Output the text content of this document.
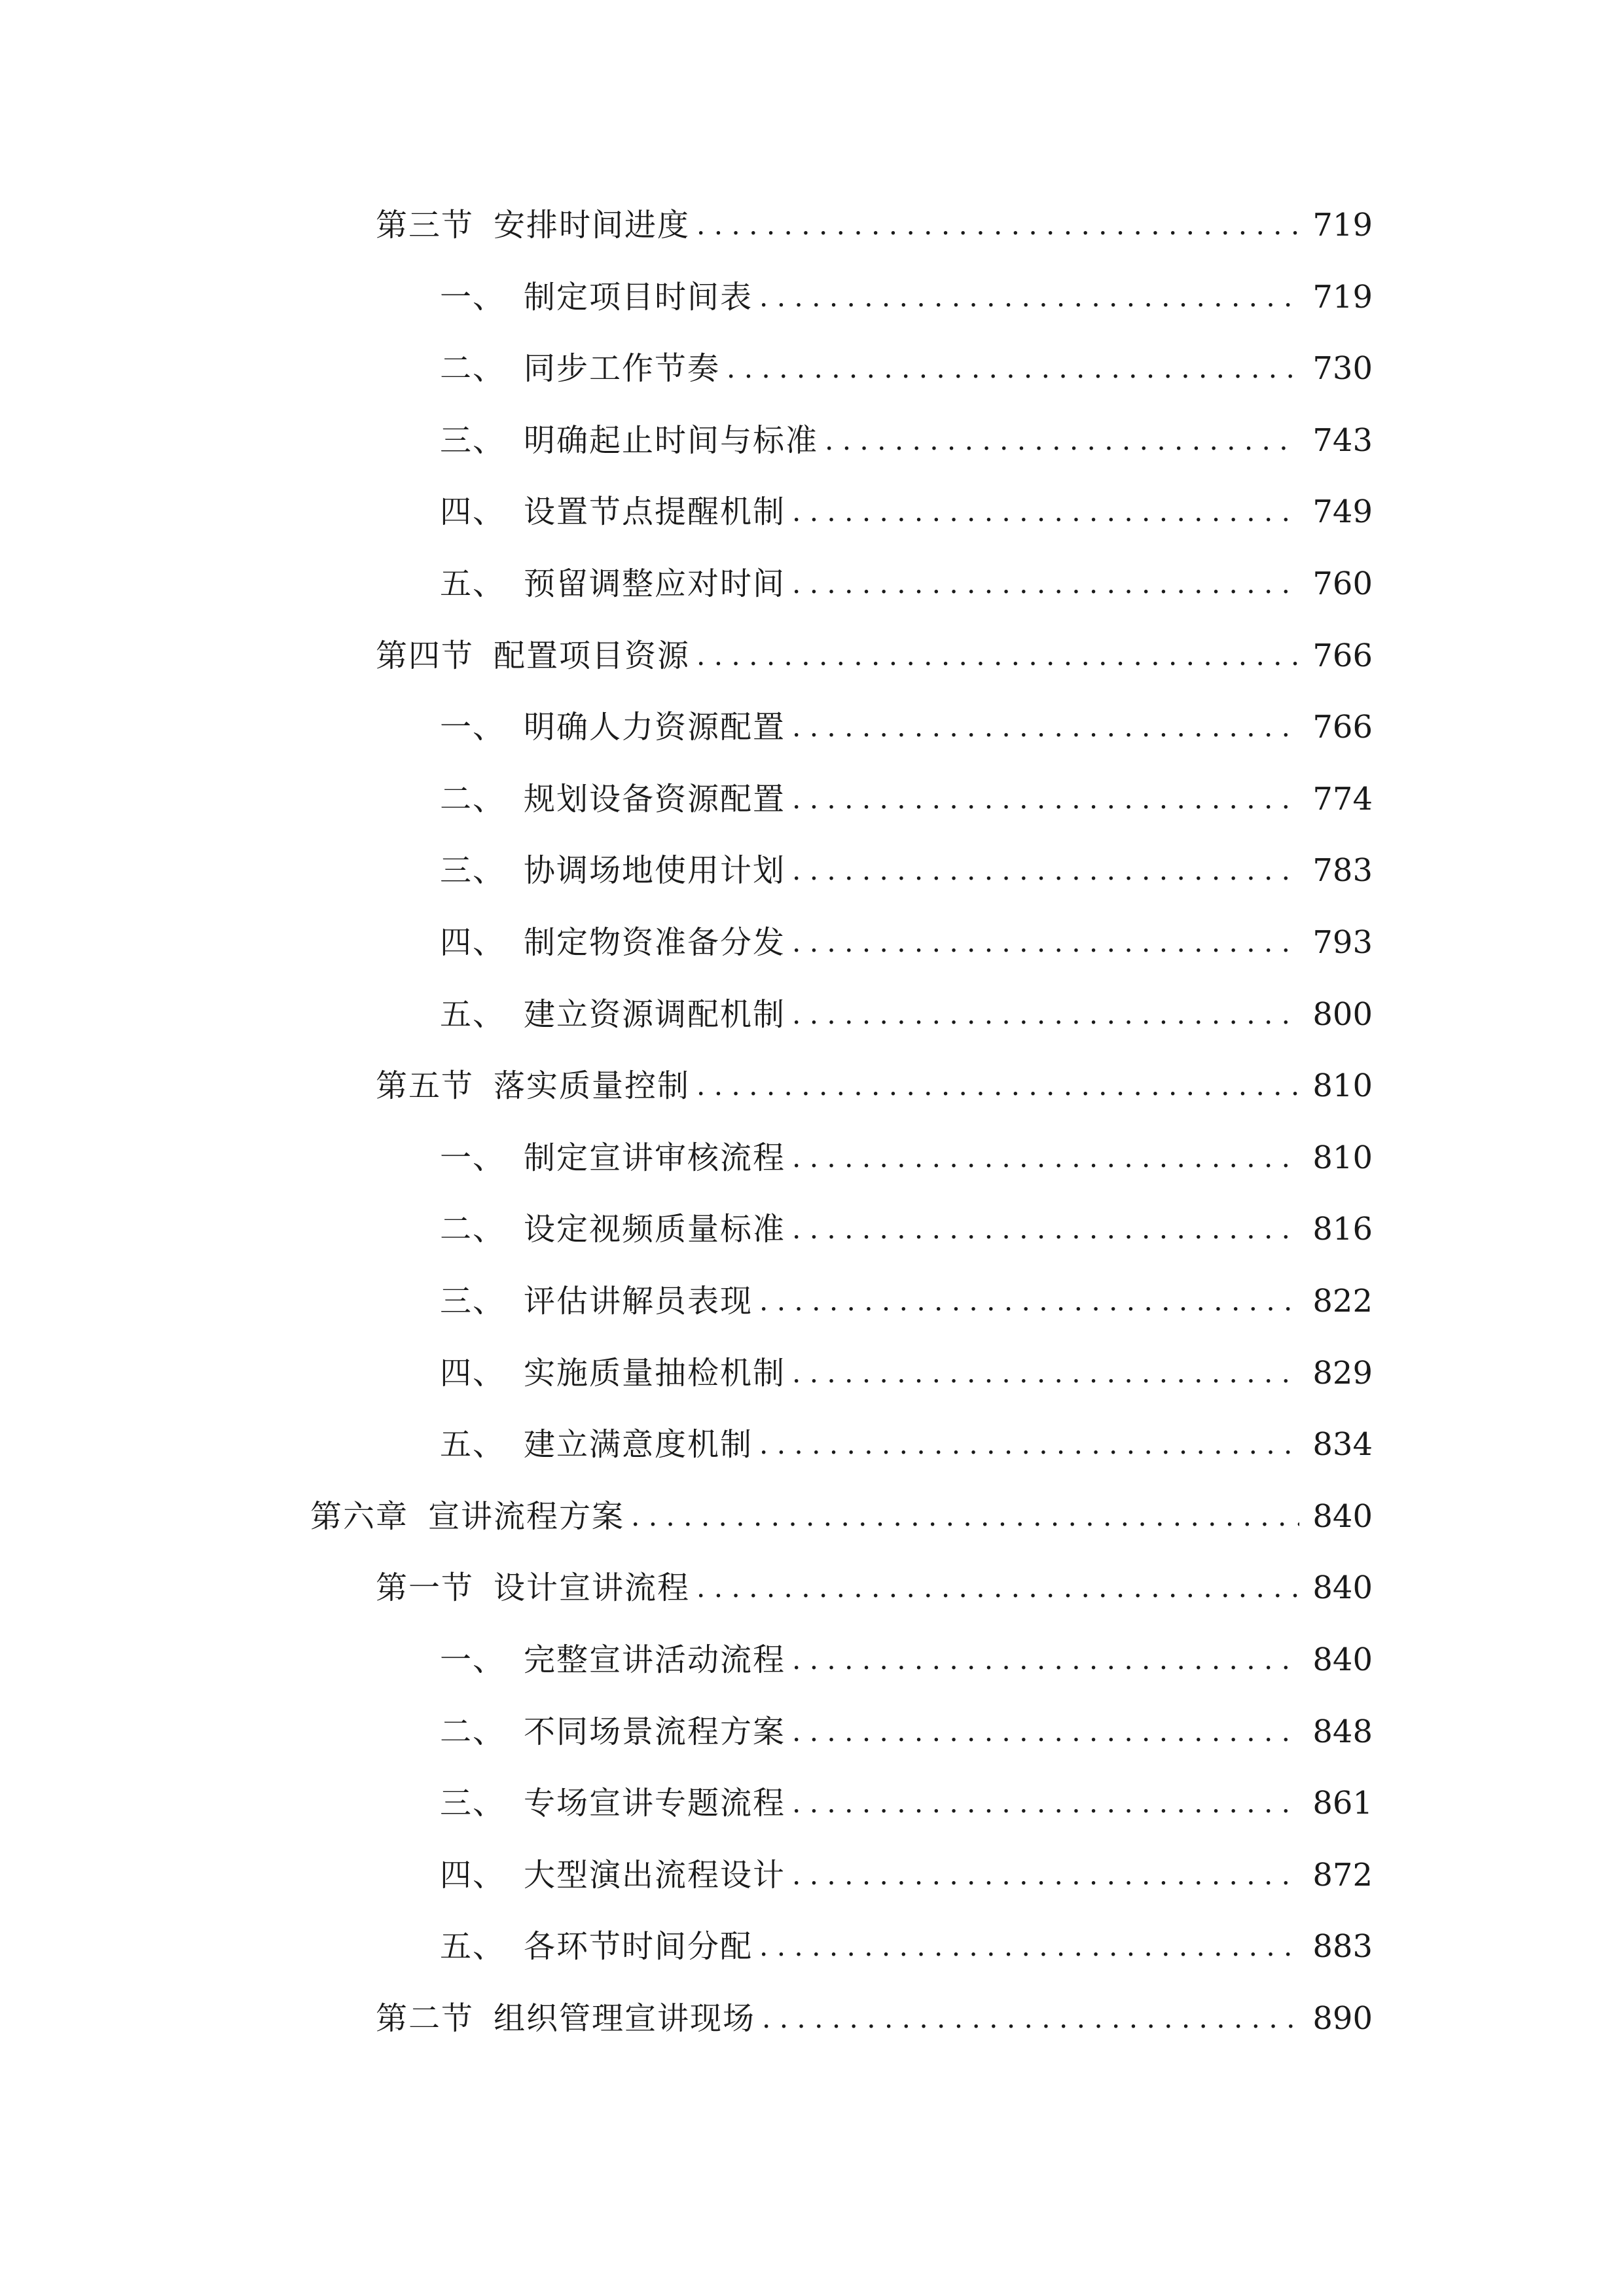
第三节 安排时间进度 . . .	719
一、 制定项目时间表 . . .	719
二、 同步工作节奏 . . .	730
三、 明确起止时间与标准 . . .	743
四、 设置节点提醒机制 . . .	749
五、 预留调整应对时间 . . .	760
第四节 配置项目资源 . . .	766
一、 明确人力资源配置 . . .	766
二、 规划设备资源配置 . . .	774
三、 协调场地使用计划 . . .	783
四、 制定物资准备分发 . . .	793
五、 建立资源调配机制 . . .	800
第五节 落实质量控制 . . .	810
一、 制定宣讲审核流程 . . .	810
二、 设定视频质量标准 . . .	816
三、 评估讲解员表现 . . .	822
四、 实施质量抽检机制 . . .	829
五、 建立满意度机制 . . .	834
第六章 宣讲流程方案 . . .	840
第一节 设计宣讲流程 . . .	840
一、 完整宣讲活动流程 . . .	840
二、 不同场景流程方案 . . .	848
三、 专场宣讲专题流程 . . .	861
四、 大型演出流程设计 . . .	872
五、 各环节时间分配 . . .	883
第二节 组织管理宣讲现场 . . .	890
